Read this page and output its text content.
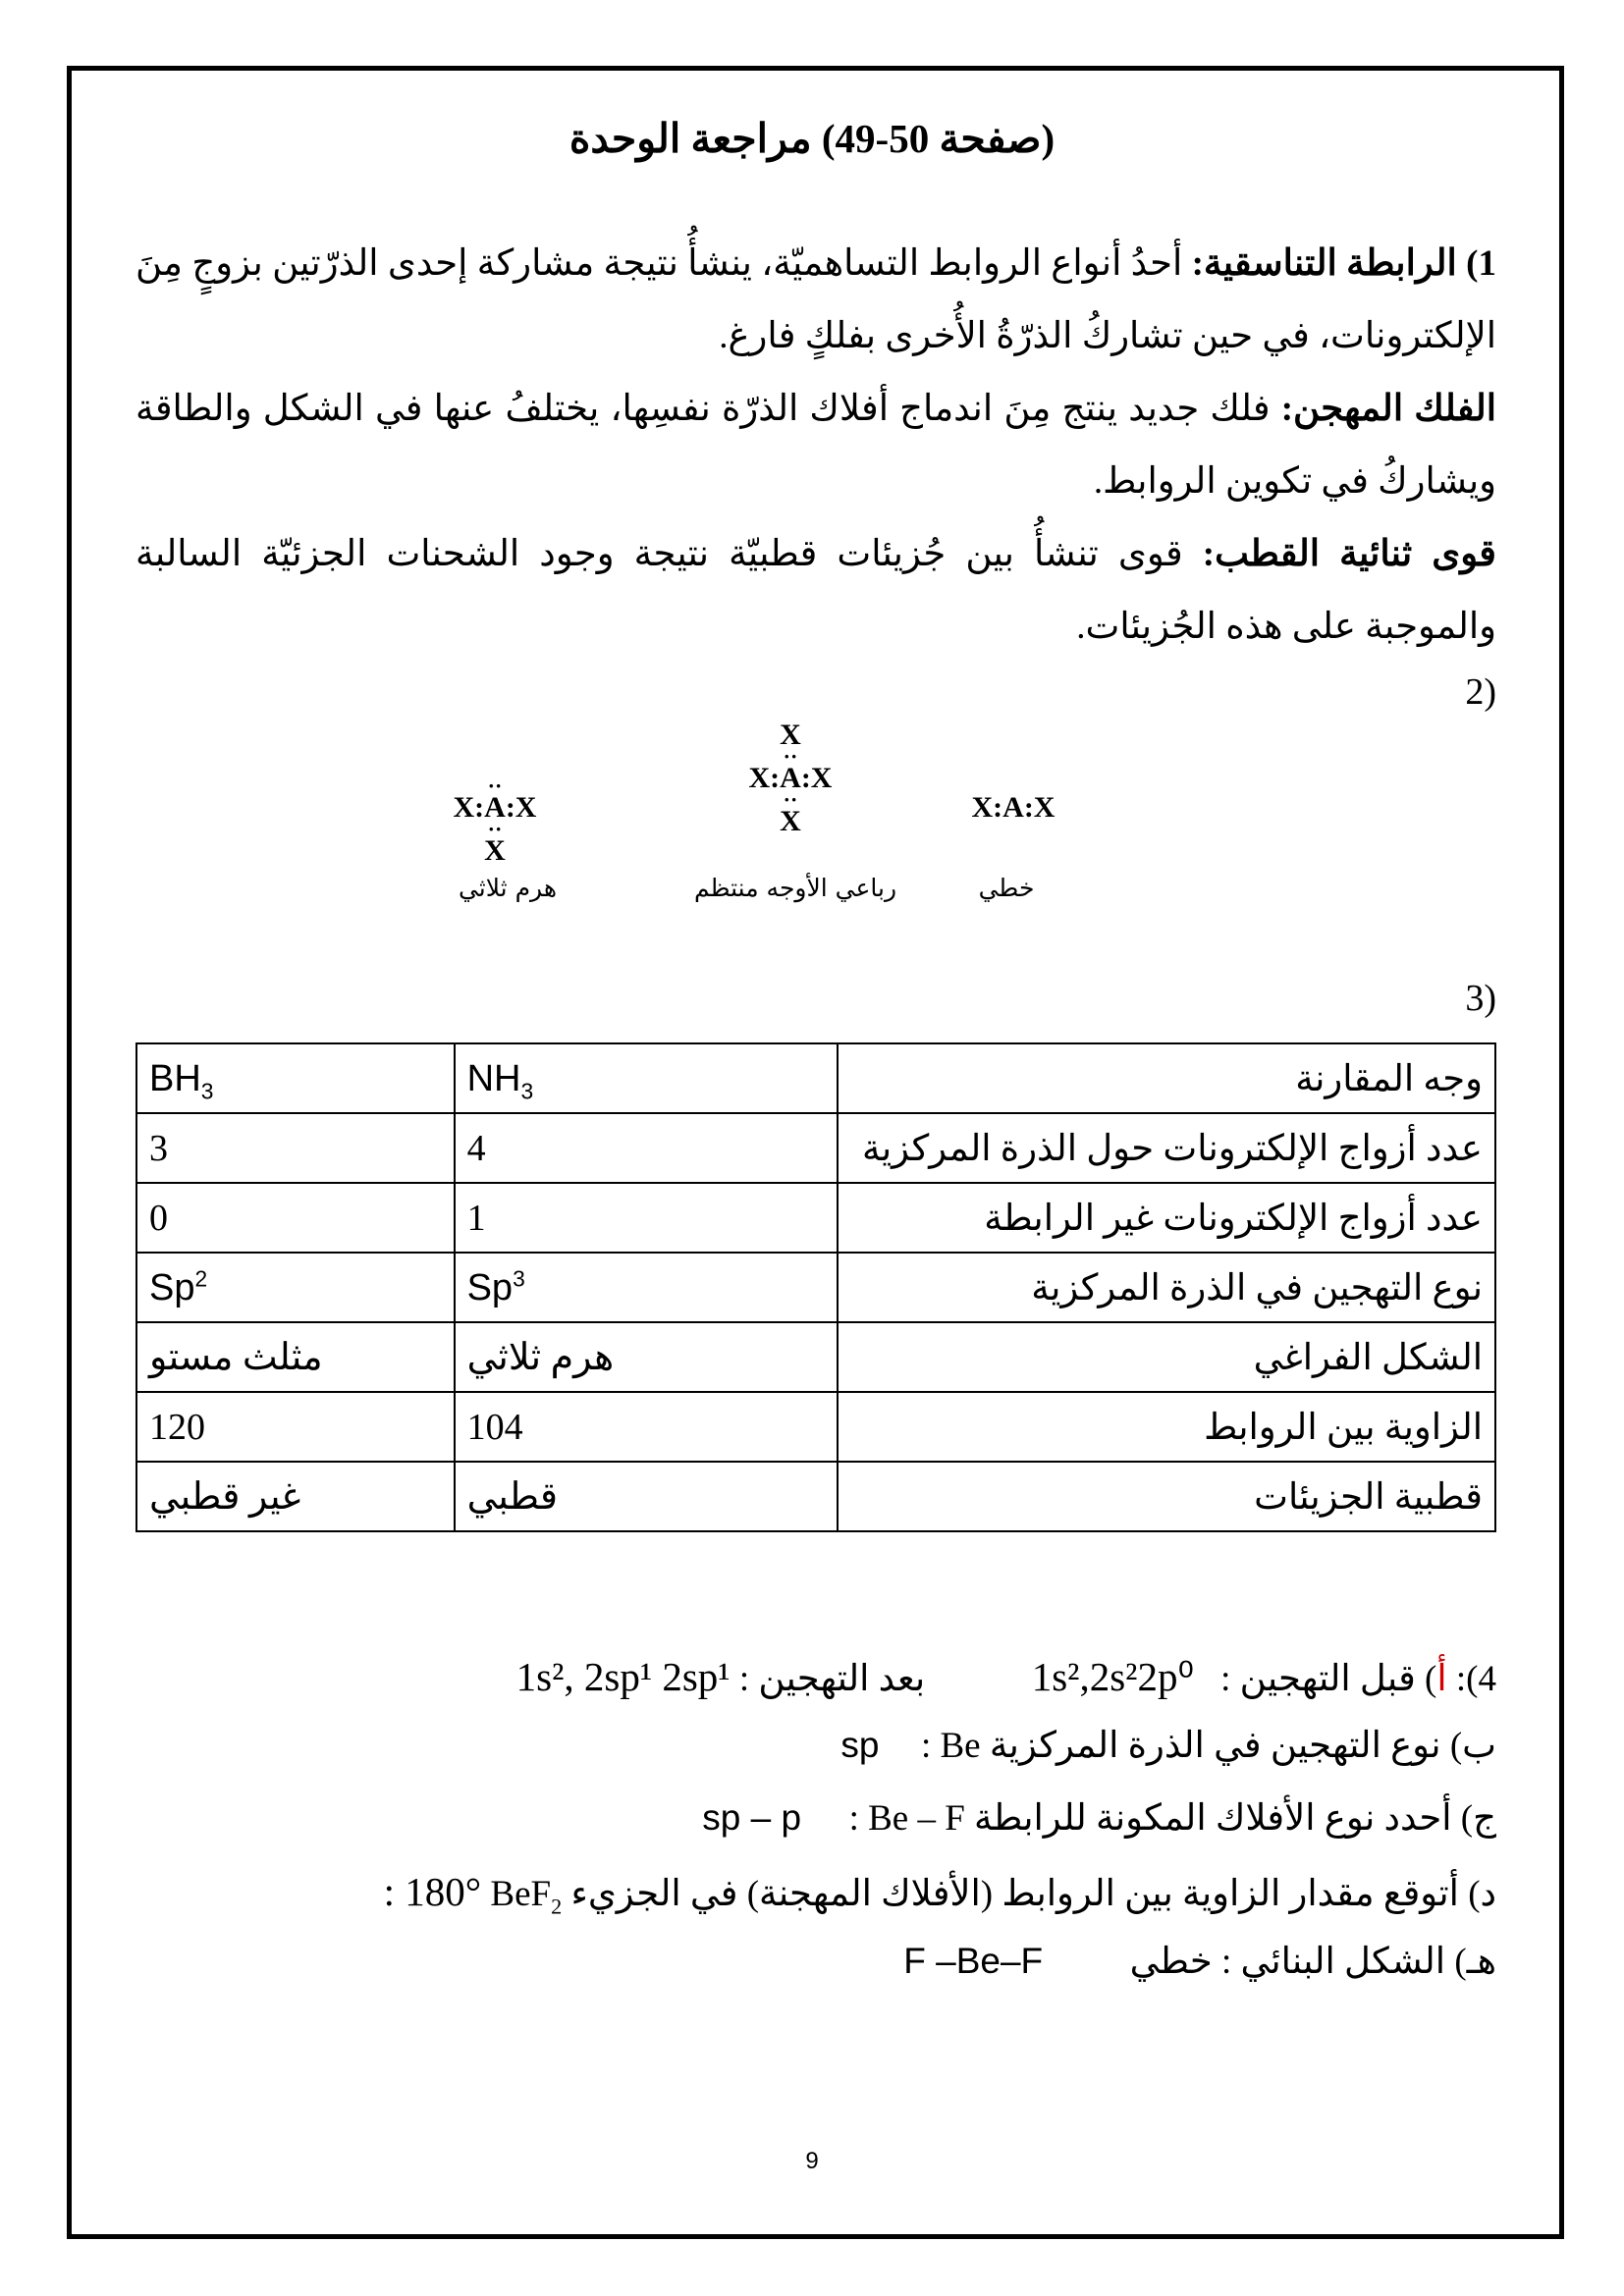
(صفحة 50-49) مراجعة الوحدة
1) الرابطة التناسقية: أحدُ أنواع الروابط التساهميّة، ينشأُ نتيجة مشاركة إحدى الذرّتين بزوجٍ مِنَ الإلكترونات، في حين تشاركُ الذرّةُ الأُخرى بفلكٍ فارغ.
الفلك المهجن: فلك جديد ينتج مِنَ اندماج أفلاك الذرّة نفسِها، يختلفُ عنها في الشكل والطاقة ويشاركُ في تكوين الروابط.
قوى ثنائية القطب: قوى تنشأُ بين جُزيئات قطبيّة نتيجة وجود الشحنات الجزئيّة السالبة والموجبة على هذه الجُزيئات.
(2
X:A:X
X
··
X:A:X
··
X
··
X:A:X
··
X
خطي
رباعي الأوجه منتظم
هرم ثلاثي
(3
وجه المقارنة	$NH_3$	$BH_3$
عدد أزواج الإلكترونات حول الذرة المركزية	4	3
عدد أزواج الإلكترونات غير الرابطة	1	0
نوع التهجين في الذرة المركزية	Sp$^3$	Sp$^2$
الشكل الفراغي	هرم ثلاثي	مثلث مستو
الزاوية بين الروابط	104	120
قطبية الجزيئات	قطبي	غير قطبي
4): أ) قبل التهجين : 1s²,2s²2p⁰  بعد التهجين : 1s², 2sp¹ 2sp¹
ب) نوع التهجين في الذرة المركزية Be :  sp
ج) أحدد نوع الأفلاك المكونة للرابطة Be – F :  sp – p
د) أتوقع مقدار الزاوية بين الروابط (الأفلاك المهجنة) في الجزيء BeF$_2$ : 180°
هـ) الشكل البنائي : خطي  F –Be–F
9
